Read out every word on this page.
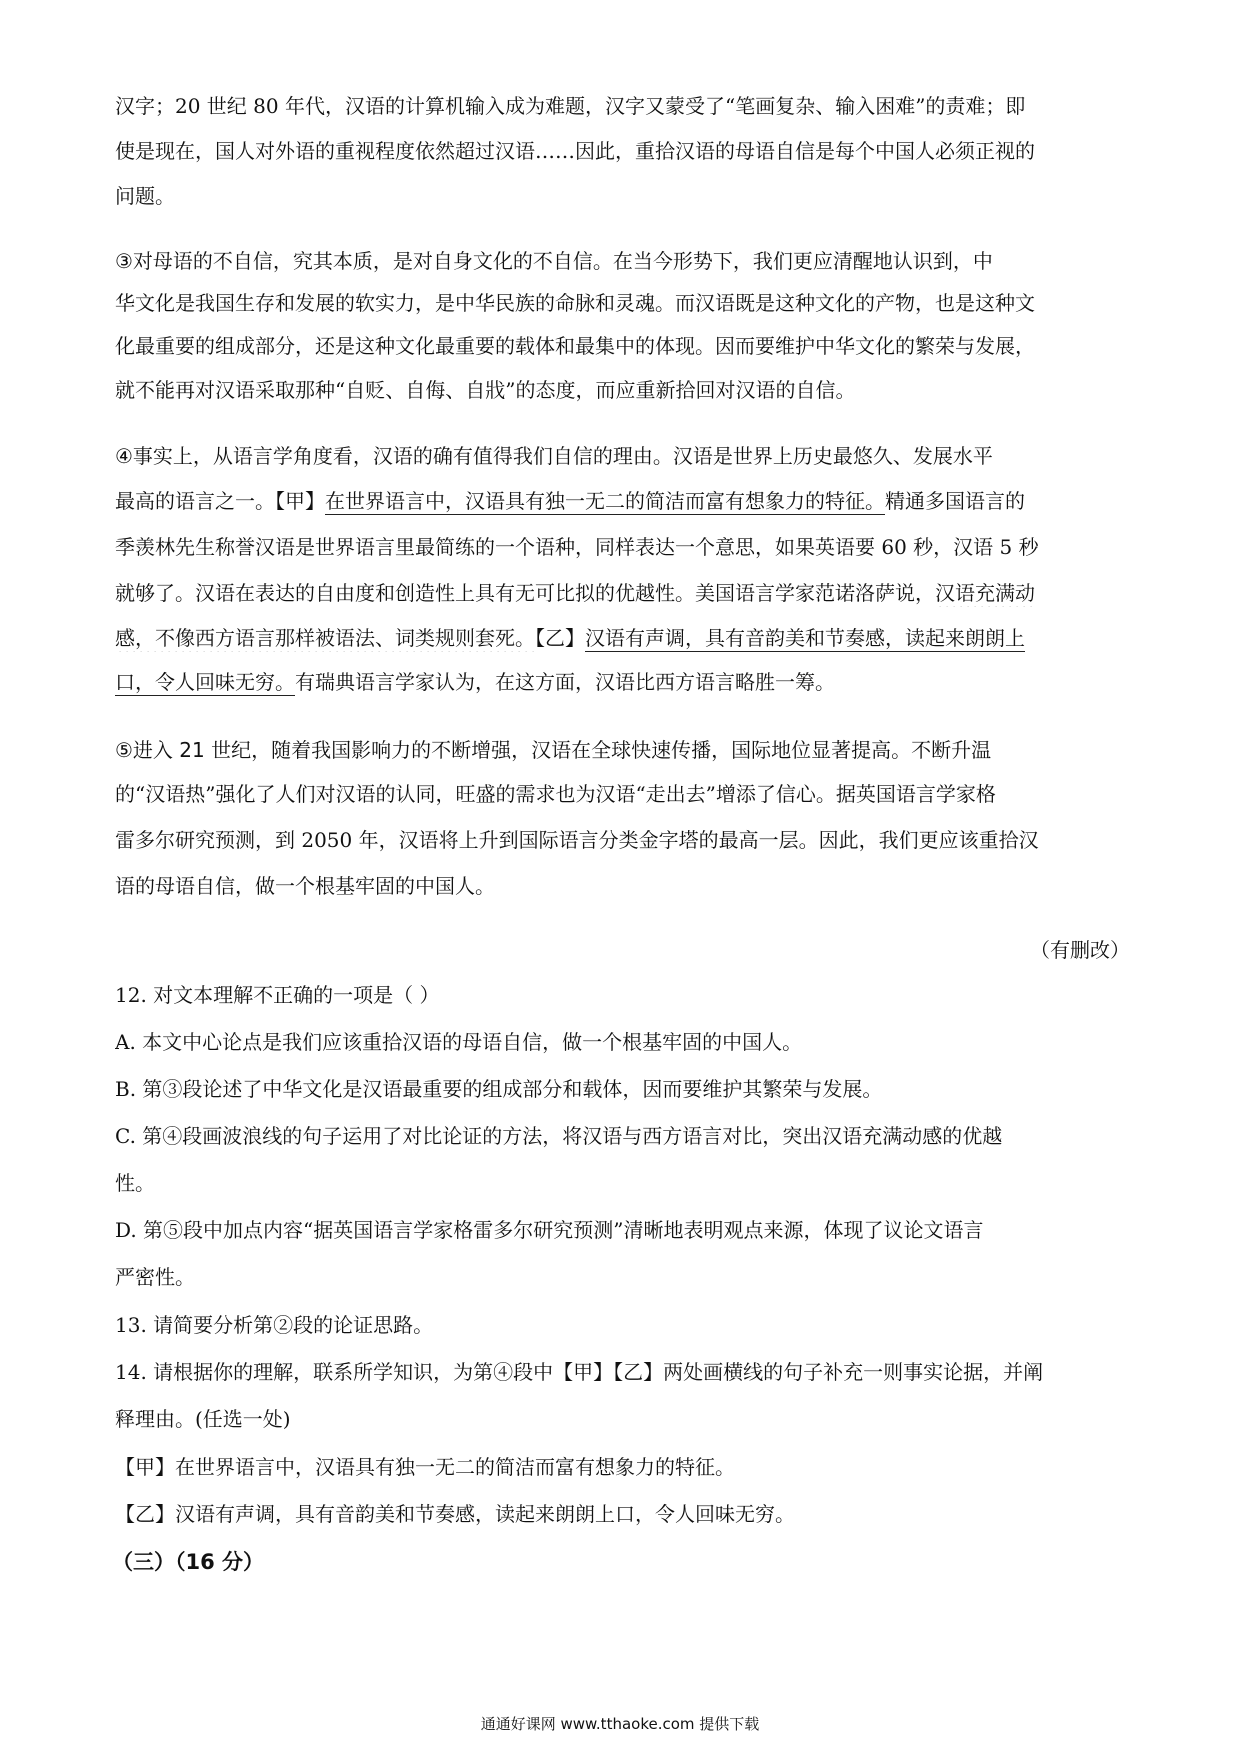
汉字；20 世纪 80 年代，汉语的计算机输入成为难题，汉字又蒙受了“笔画复杂、输入困难”的责难；即
使是现在，国人对外语的重视程度依然超过汉语……因此，重拾汉语的母语自信是每个中国人必须正视的
问题。
③对母语的不自信，究其本质，是对自身文化的不自信。在当今形势下，我们更应清醒地认识到，中
华文化是我国生存和发展的软实力，是中华民族的命脉和灵魂。而汉语既是这种文化的产物，也是这种文
化最重要的组成部分，还是这种文化最重要的载体和最集中的体现。因而要维护中华文化的繁荣与发展，
就不能再对汉语采取那种“自贬、自侮、自戕”的态度，而应重新拾回对汉语的自信。
④事实上，从语言学角度看，汉语的确有值得我们自信的理由。汉语是世界上历史最悠久、发展水平
最高的语言之一。【甲】在世界语言中，汉语具有独一无二的简洁而富有想象力的特征。精通多国语言的
季羡林先生称誉汉语是世界语言里最简练的一个语种，同样表达一个意思，如果英语要 60 秒，汉语 5 秒
就够了。汉语在表达的自由度和创造性上具有无可比拟的优越性。美国语言学家范诺洛萨说，汉语充满动
感，不像西方语言那样被语法、词类规则套死。【乙】汉语有声调，具有音韵美和节奏感，读起来朗朗上
口，令人回味无穷。有瑞典语言学家认为，在这方面，汉语比西方语言略胜一筹。
⑤进入 21 世纪，随着我国影响力的不断增强，汉语在全球快速传播，国际地位显著提高。不断升温
的“汉语热”强化了人们对汉语的认同，旺盛的需求也为汉语“走出去”增添了信心。据英国语言学家格
雷多尔研究预测，到 2050 年，汉语将上升到国际语言分类金字塔的最高一层。因此，我们更应该重拾汉
语的母语自信，做一个根基牢固的中国人。
（有删改）
12. 对文本理解不正确的一项是（ ）
A. 本文中心论点是我们应该重拾汉语的母语自信，做一个根基牢固的中国人。
B. 第③段论述了中华文化是汉语最重要的组成部分和载体，因而要维护其繁荣与发展。
C. 第④段画波浪线的句子运用了对比论证的方法，将汉语与西方语言对比，突出汉语充满动感的优越
性。
D. 第⑤段中加点内容“据英国语言学家格雷多尔研究预测”清晰地表明观点来源，体现了议论文语言
严密性。
13. 请简要分析第②段的论证思路。
14. 请根据你的理解，联系所学知识，为第④段中【甲】【乙】两处画横线的句子补充一则事实论据，并阐
释理由。(任选一处)
【甲】在世界语言中，汉语具有独一无二的简洁而富有想象力的特征。
【乙】汉语有声调，具有音韵美和节奏感，读起来朗朗上口，令人回味无穷。
（三）（16 分）
通通好课网 www.tthaoke.com 提供下载
